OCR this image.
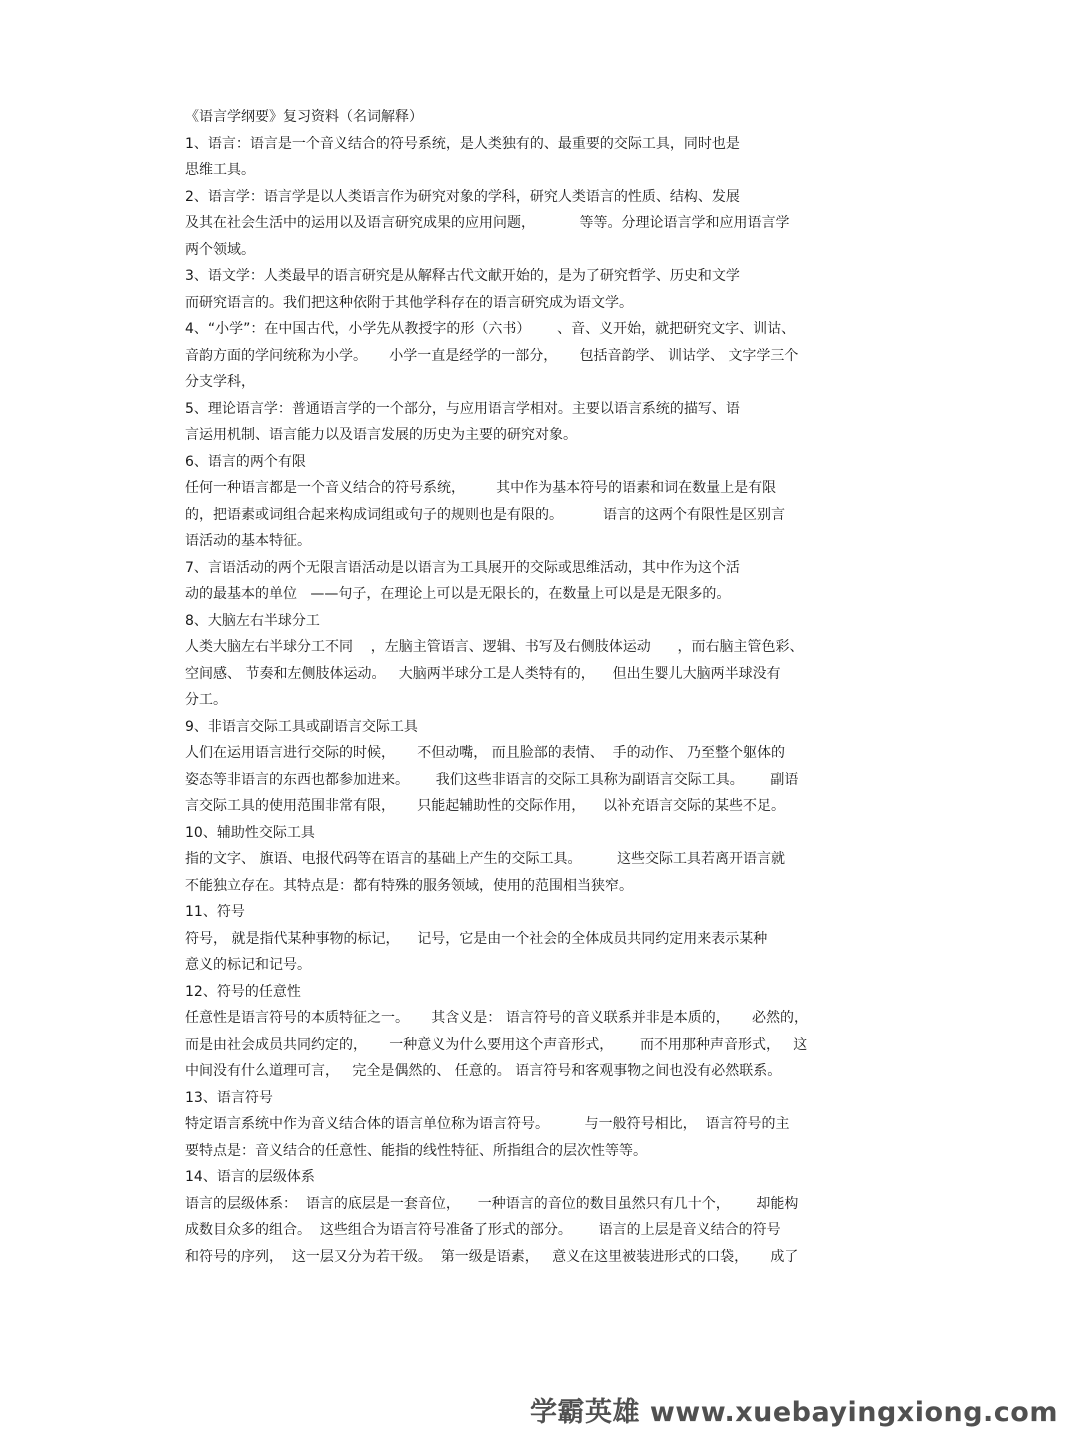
《语言学纲要》复习资料（名词解释）
1、语言：语言是一个音义结合的符号系统，是人类独有的、最重要的交际工具，同时也是
思维工具。
2、语言学：语言学是以人类语言作为研究对象的学科，研究人类语言的性质、结构、发展
及其在社会生活中的运用以及语言研究成果的应用问题，          等等。分理论语言学和应用语言学
两个领域。
3、语文学：人类最早的语言研究是从解释古代文献开始的，是为了研究哲学、历史和文学
而研究语言的。我们把这种依附于其他学科存在的语言研究成为语文学。
4、“小学”：在中国古代，小学先从教授字的形（六书）      、音、义开始，就把研究文字、训诂、
音韵方面的学问统称为小学。     小学一直是经学的一部分，     包括音韵学、 训诂学、 文字学三个
分支学科，
5、理论语言学：普通语言学的一个部分，与应用语言学相对。主要以语言系统的描写、语
言运用机制、语言能力以及语言发展的历史为主要的研究对象。
6、语言的两个有限
任何一种语言都是一个音义结合的符号系统，       其中作为基本符号的语素和词在数量上是有限
的，把语素或词组合起来构成词组或句子的规则也是有限的。         语言的这两个有限性是区别言
语活动的基本特征。
7、言语活动的两个无限言语活动是以语言为工具展开的交际或思维活动，其中作为这个活
动的最基本的单位   ——句子，在理论上可以是无限长的，在数量上可以是是无限多的。
8、大脑左右半球分工
人类大脑左右半球分工不同    ，左脑主管语言、逻辑、书写及右侧肢体运动      ，而右脑主管色彩、
空间感、 节奏和左侧肢体运动。   大脑两半球分工是人类特有的，    但出生婴儿大脑两半球没有
分工。
9、非语言交际工具或副语言交际工具
人们在运用语言进行交际的时候，     不但动嘴， 而且脸部的表情、  手的动作、 乃至整个躯体的
姿态等非语言的东西也都参加进来。      我们这些非语言的交际工具称为副语言交际工具。      副语
言交际工具的使用范围非常有限，     只能起辅助性的交际作用，    以补充语言交际的某些不足。
10、辅助性交际工具
指的文字、 旗语、电报代码等在语言的基础上产生的交际工具。        这些交际工具若离开语言就
不能独立存在。其特点是：都有特殊的服务领域，使用的范围相当狭窄。
11、符号
符号， 就是指代某种事物的标记，    记号，它是由一个社会的全体成员共同约定用来表示某种
意义的标记和记号。
12、符号的任意性
任意性是语言符号的本质特征之一。     其含义是： 语言符号的音义联系并非是本质的，     必然的，
而是由社会成员共同约定的，     一种意义为什么要用这个声音形式，      而不用那种声音形式，   这
中间没有什么道理可言，   完全是偶然的、 任意的。 语言符号和客观事物之间也没有必然联系。
13、语言符号
特定语言系统中作为音义结合体的语言单位称为语言符号。        与一般符号相比，  语言符号的主
要特点是：音义结合的任意性、能指的线性特征、所指组合的层次性等等。
14、语言的层级体系
语言的层级体系：  语言的底层是一套音位，    一种语言的音位的数目虽然只有几十个，      却能构
成数目众多的组合。  这些组合为语言符号准备了形式的部分。      语言的上层是音义结合的符号
和符号的序列，  这一层又分为若干级。  第一级是语素，   意义在这里被装进形式的口袋，     成了
学霸英雄 www.xuebayingxiong.com
